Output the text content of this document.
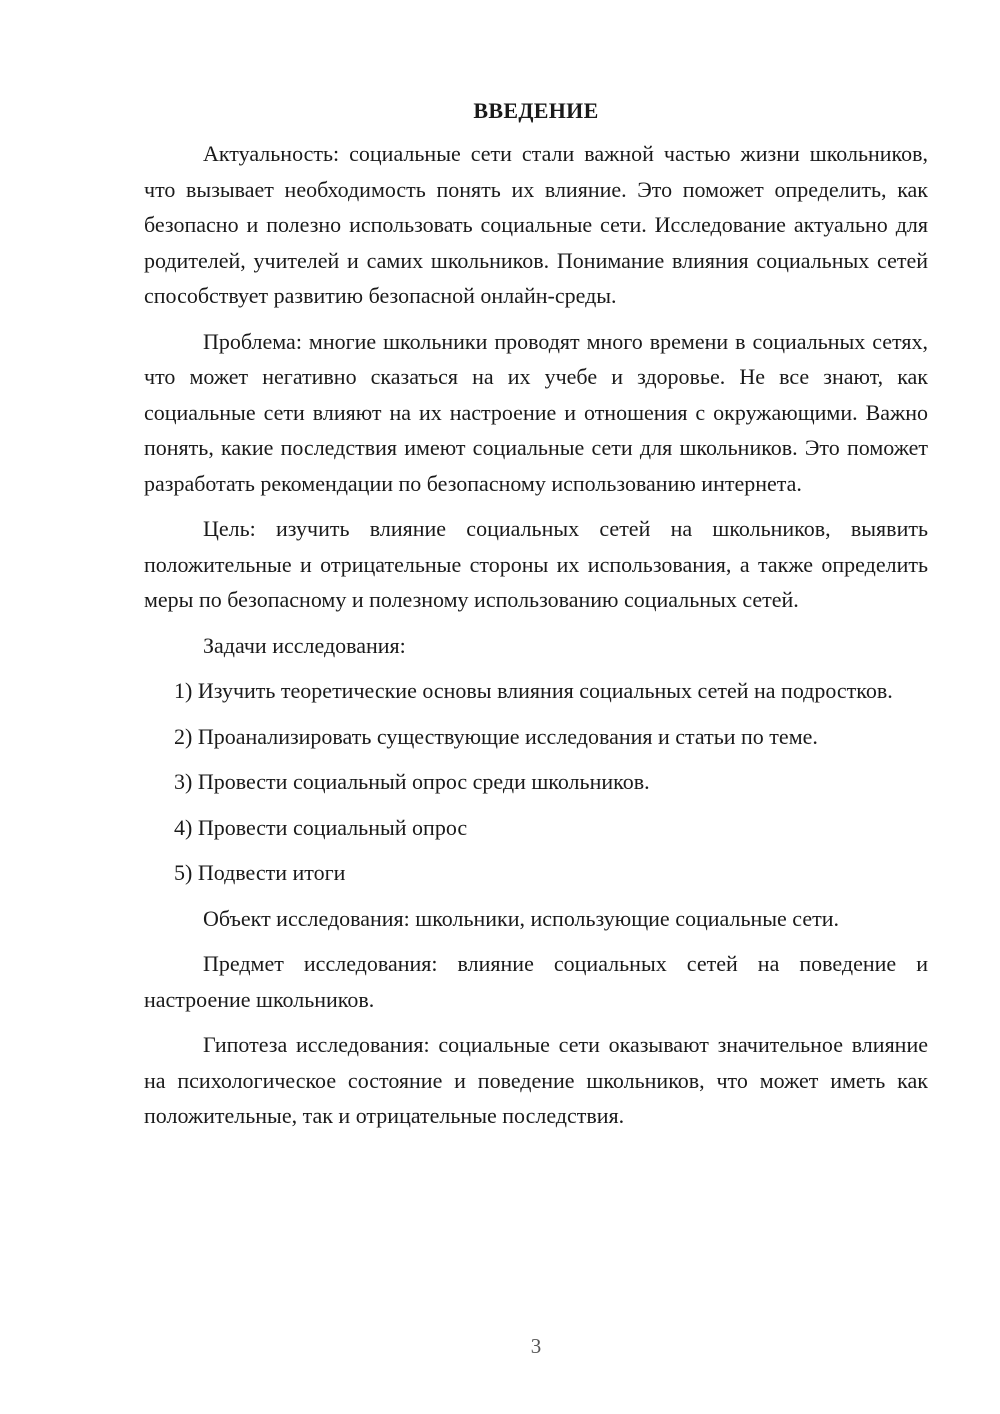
ВВЕДЕНИЕ

Актуальность: социальные сети стали важной частью жизни школьников, что вызывает необходимость понять их влияние. Это поможет определить, как безопасно и полезно использовать социальные сети. Исследование актуально для родителей, учителей и самих школьников. Понимание влияния социальных сетей способствует развитию безопасной онлайн-среды.

Проблема: многие школьники проводят много времени в социальных сетях, что может негативно сказаться на их учебе и здоровье. Не все знают, как социальные сети влияют на их настроение и отношения с окружающими. Важно понять, какие последствия имеют социальные сети для школьников. Это поможет разработать рекомендации по безопасному использованию интернета.

Цель: изучить влияние социальных сетей на школьников, выявить положительные и отрицательные стороны их использования, а также определить меры по безопасному и полезному использованию социальных сетей.

Задачи исследования:

1) Изучить теоретические основы влияния социальных сетей на подростков.

2) Проанализировать существующие исследования и статьи по теме.

3) Провести социальный опрос среди школьников.

4) Провести социальный опрос

5) Подвести итоги

Объект исследования: школьники, использующие социальные сети.

Предмет исследования: влияние социальных сетей на поведение и настроение школьников.

Гипотеза исследования: социальные сети оказывают значительное влияние на психологическое состояние и поведение школьников, что может иметь как положительные, так и отрицательные последствия.

3
